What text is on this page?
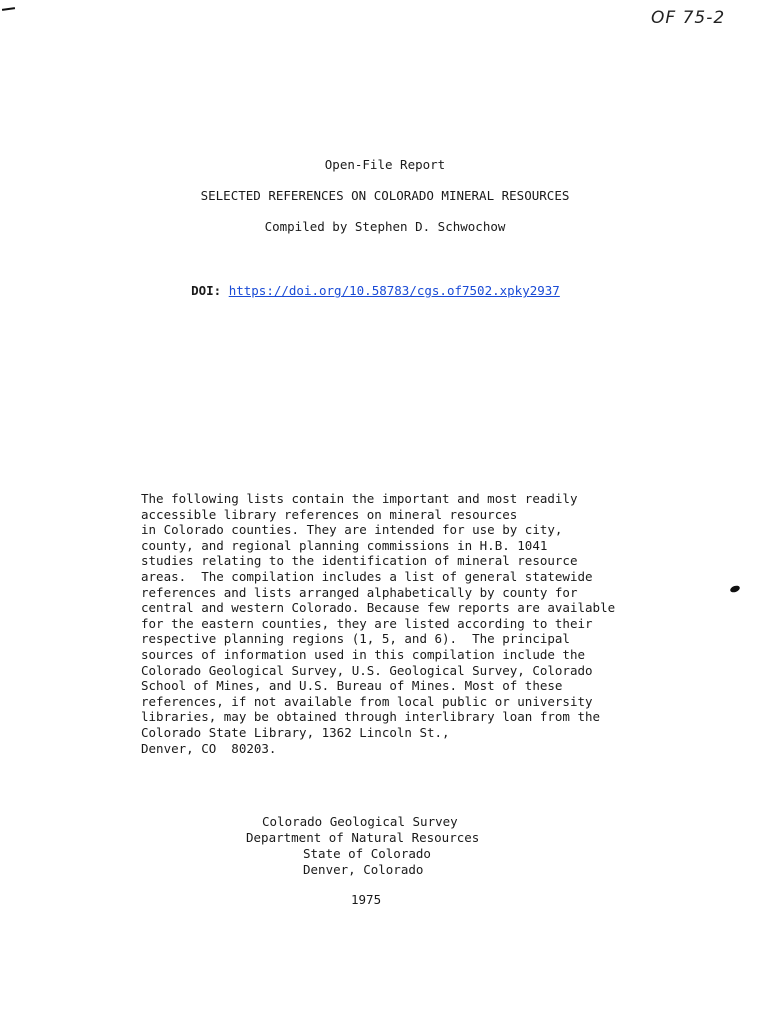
OF 75-2
Open-File Report
SELECTED REFERENCES ON COLORADO MINERAL RESOURCES
Compiled by Stephen D. Schwochow

DOI: https://doi.org/10.58783/cgs.of7502.xpky2937

The following lists contain the important and most readily
accessible library references on mineral resources
in Colorado counties. They are intended for use by city,
county, and regional planning commissions in H.B. 1041
studies relating to the identification of mineral resource
areas.  The compilation includes a list of general statewide
references and lists arranged alphabetically by county for
central and western Colorado. Because few reports are available
for the eastern counties, they are listed according to their
respective planning regions (1, 5, and 6).  The principal
sources of information used in this compilation include the
Colorado Geological Survey, U.S. Geological Survey, Colorado
School of Mines, and U.S. Bureau of Mines. Most of these
references, if not available from local public or university
libraries, may be obtained through interlibrary loan from the
Colorado State Library, 1362 Lincoln St.,
Denver, CO  80203.
Colorado Geological Survey
Department of Natural Resources
State of Colorado
Denver, Colorado
1975
